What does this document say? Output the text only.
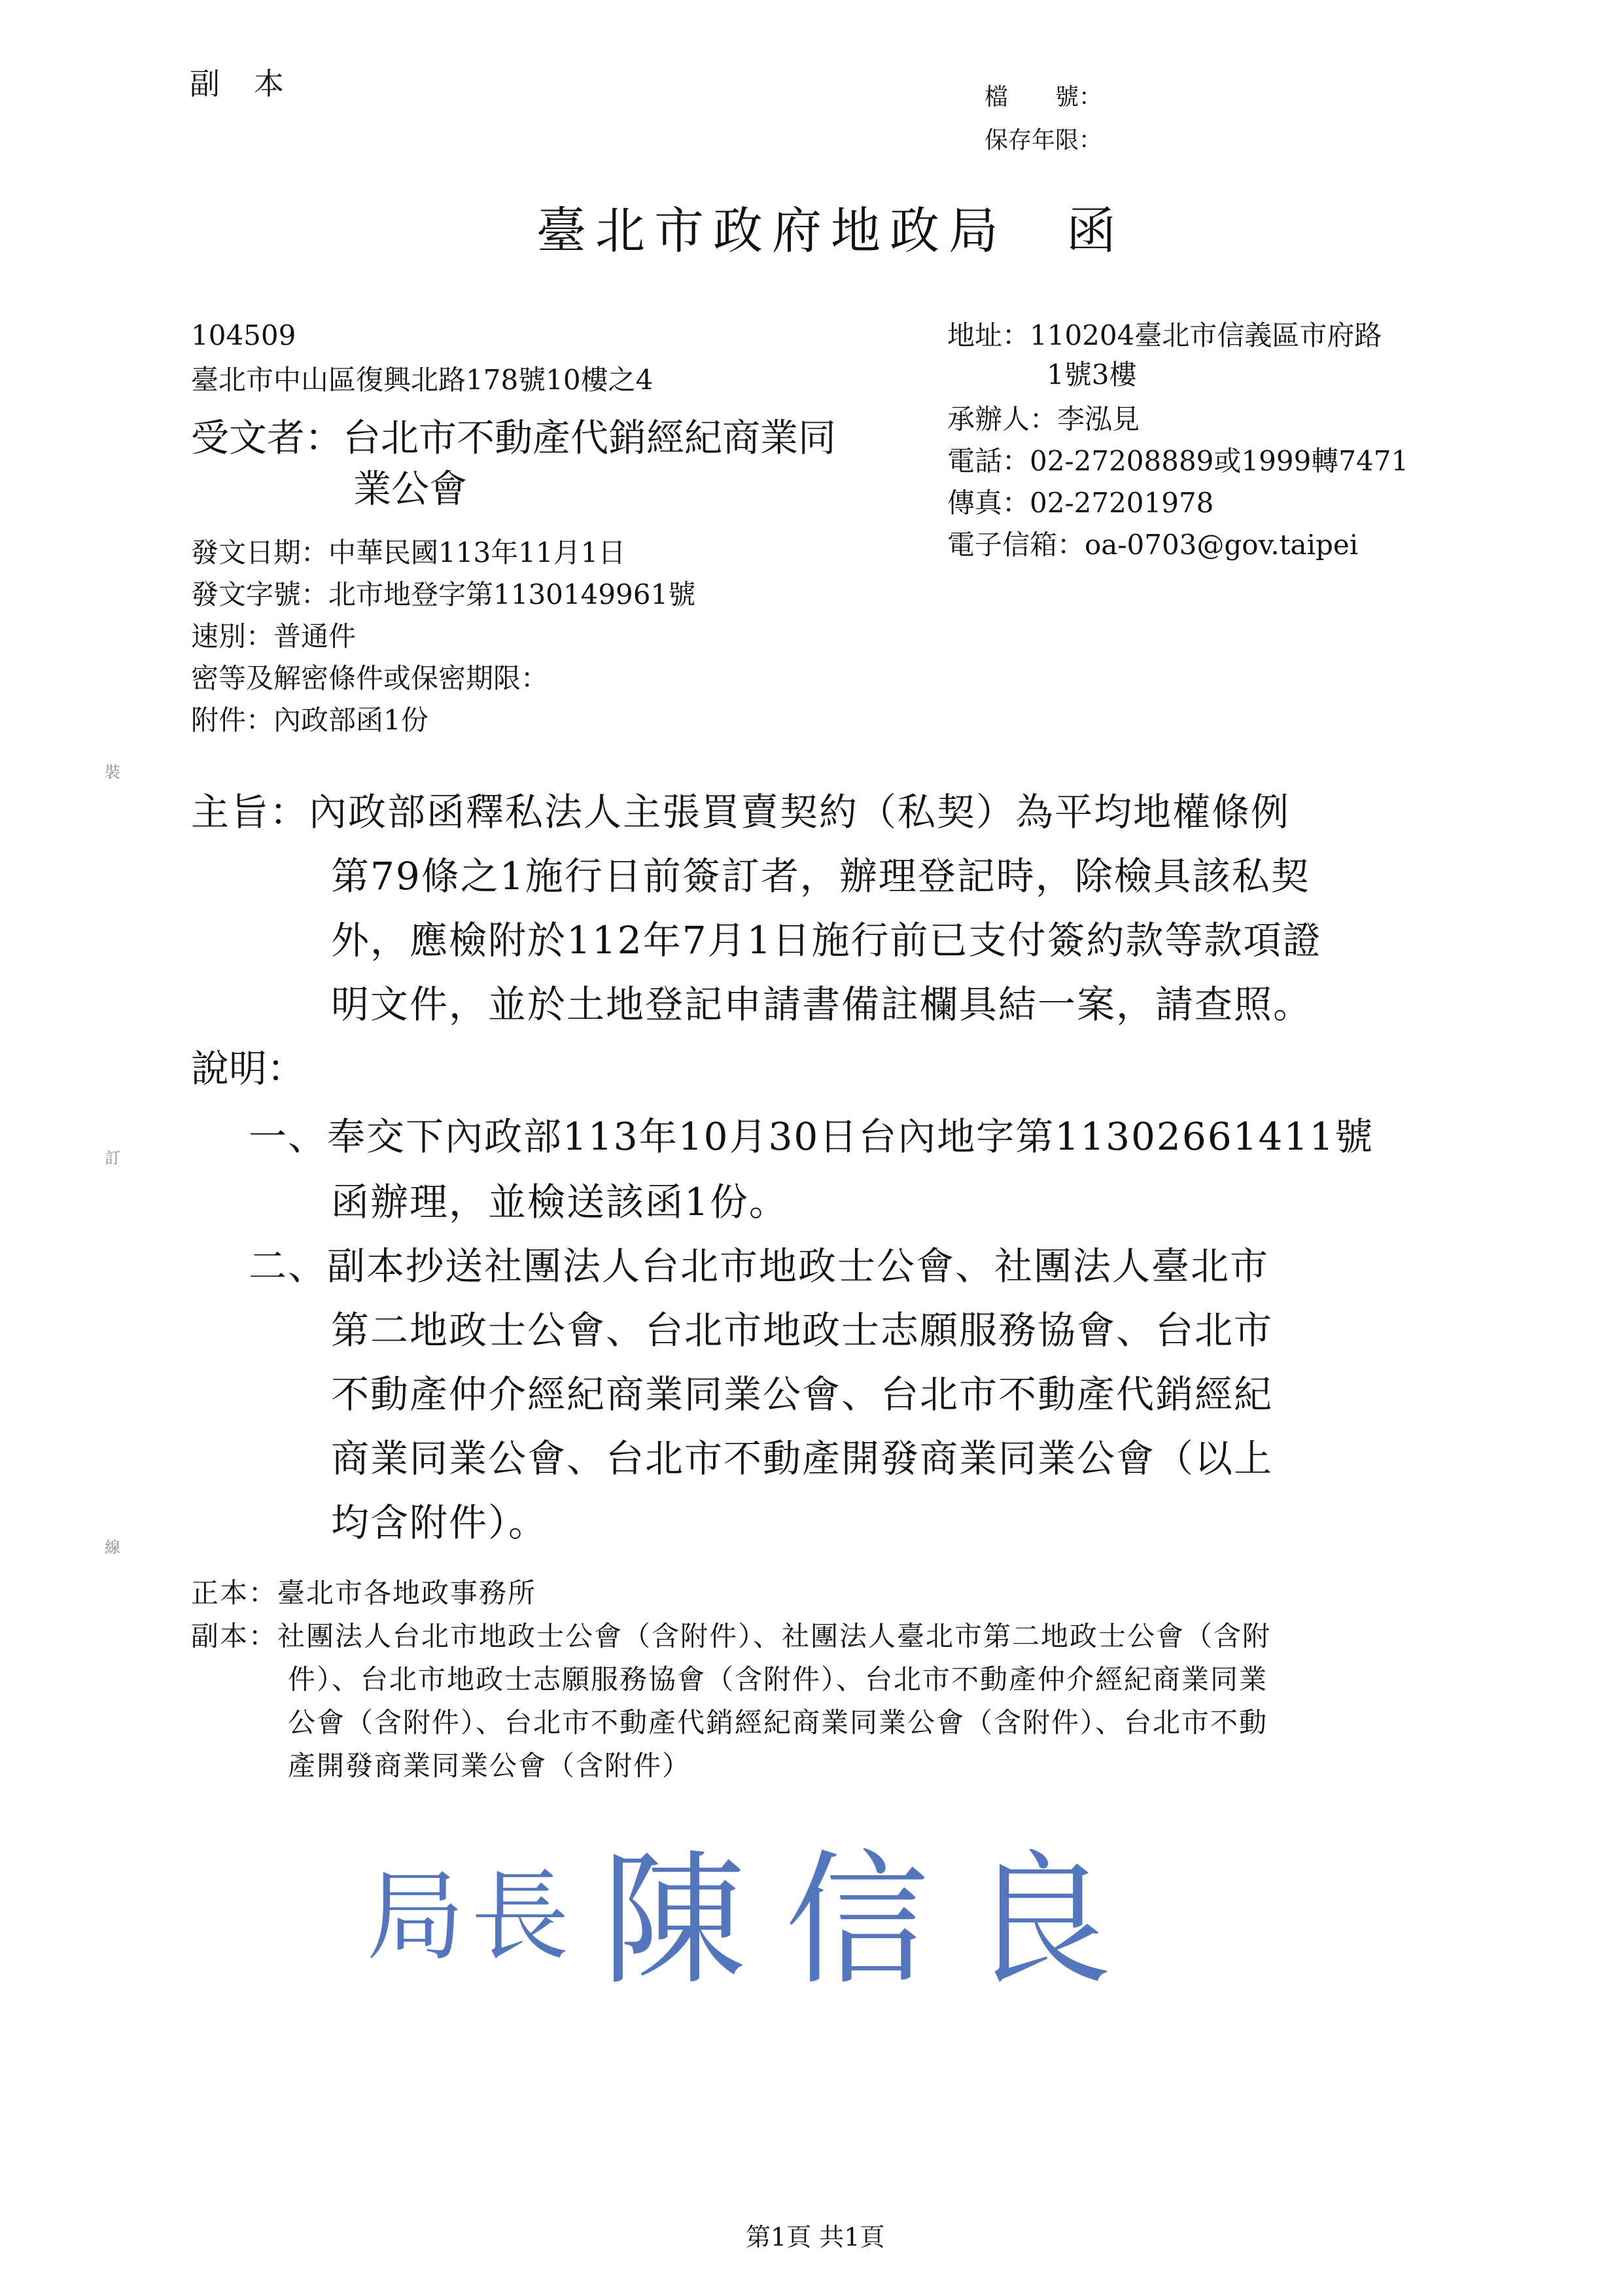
副本	檔　　號：
保存年限：
臺北市政府地政局　函
104509
臺北市中山區復興北路178號10樓之4
受文者：台北市不動產代銷經紀商業同
業公會
發文日期：中華民國113年11月1日
發文字號：北市地登字第1130149961號
速別：普通件
密等及解密條件或保密期限：
附件：內政部函1份
地址：110204臺北市信義區市府路
1號3樓
承辦人：李泓見
電話：02-27208889或1999轉7471
傳真：02-27201978
電子信箱：oa-0703@gov.taipei
主旨：內政部函釋私法人主張買賣契約（私契）為平均地權條例
第79條之1施行日前簽訂者，辦理登記時，除檢具該私契
外，應檢附於112年7月1日施行前已支付簽約款等款項證
明文件，並於土地登記申請書備註欄具結一案，請查照。
說明：
一、奉交下內政部113年10月30日台內地字第11302661411號
函辦理，並檢送該函1份。
二、副本抄送社團法人台北市地政士公會、社團法人臺北市
第二地政士公會、台北市地政士志願服務協會、台北市
不動產仲介經紀商業同業公會、台北市不動產代銷經紀
商業同業公會、台北市不動產開發商業同業公會（以上
均含附件）。
正本：臺北市各地政事務所
副本：社團法人台北市地政士公會（含附件）、社團法人臺北市第二地政士公會（含附
件）、台北市地政士志願服務協會（含附件）、台北市不動產仲介經紀商業同業
公會（含附件）、台北市不動產代銷經紀商業同業公會（含附件）、台北市不動
產開發商業同業公會（含附件）
局長 陳信良
第1頁 共1頁
裝
訂
線
